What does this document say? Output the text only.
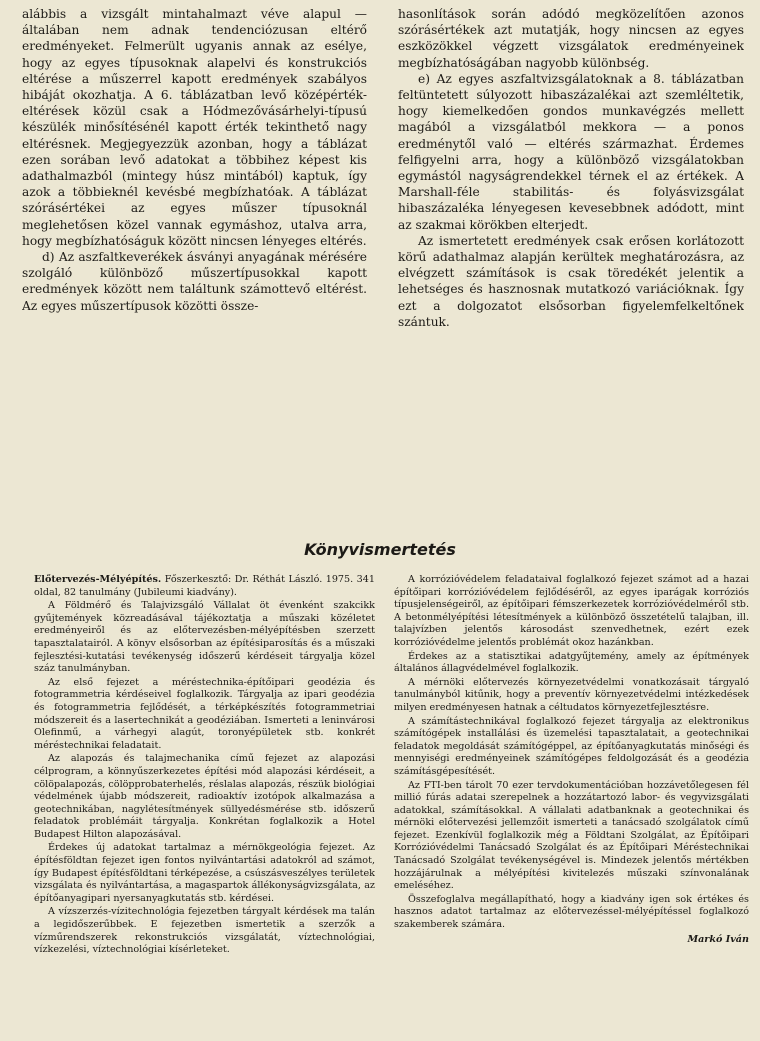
alábbis a vizsgált mintahalmazt véve alapul — általában nem adnak tendenciózusan eltérő eredményeket. Felmerült ugyanis annak az esélye, hogy az egyes típusoknak alapelvi és konstrukciós eltérése a műszerrel kapott eredmények szabályos hibáját okozhatja. A 6. táblázatban levő középérték-eltérések közül csak a Hódmezővásárhelyi-típusú készülék minősítésénél kapott érték tekinthető nagy eltérésnek. Megjegyezzük azonban, hogy a táblázat ezen sorában levő adatokat a többihez képest kis adathalmazból (mintegy húsz mintából) kaptuk, így azok a többieknél kevésbé megbízhatóak. A táblázat szórásértékei az egyes műszer típusoknál meglehetősen közel vannak egymáshoz, utalva arra, hogy megbízhatóságuk között nincsen lényeges eltérés.

d) Az aszfaltkeverékek ásványi anyagának mérésére szolgáló különböző műszertípusokkal kapott eredmények között nem találtunk számottevő eltérést. Az egyes műszertípusok közötti össze-

hasonlítások során adódó megközelítően azonos szórásértékek azt mutatják, hogy nincsen az egyes eszközökkel végzett vizsgálatok eredményeinek megbízhatóságában nagyobb különbség.

e) Az egyes aszfaltvizsgálatoknak a 8. táblázatban feltüntetett súlyozott hibaszázalékai azt szemléltetik, hogy kiemelkedően gondos munkavégzés mellett magából a vizsgálatból mekkora — a ponos eredménytől való — eltérés származhat. Érdemes felfigyelni arra, hogy a különböző vizsgálatokban egymástól nagyságrendekkel térnek el az értékek. A Marshall-féle stabilitás- és folyásvizsgálat hibaszázaléka lényegesen kevesebbnek adódott, mint az szakmai körökben elterjedt.

Az ismertetett eredmények csak erősen korlátozott körű adathalmaz alapján kerültek meghatározásra, az elvégzett számítások is csak töredékét jelentik a lehetséges és hasznosnak mutatkozó variációknak. Így ezt a dolgozatot elsősorban figyelemfelkeltőnek szántuk.

Könyvismertetés

Előtervezés-Mélyépítés. Főszerkesztő: Dr. Réthát László. 1975. 341 oldal, 82 tanulmány (Jubileumi kiadvány).

A Földmérő és Talajvizsgáló Vállalat öt évenként szakcikk gyűjtemények közreadásával tájékoztatja a műszaki közéletet eredményeiről és az előtervezésben-mélyépítésben szerzett tapasztalatairól. A könyv elsősorban az építésiparosítás és a műszaki fejlesztési-kutatási tevékenység időszerű kérdéseit tárgyalja közel száz tanulmányban.

Az első fejezet a méréstechnika-építőipari geodézia és fotogrammetria kérdéseivel foglalkozik. Tárgyalja az ipari geodézia és fotogrammetria fejlődését, a térképkészítés fotogrammetriai módszereit és a lasertechnikát a geodéziában. Ismerteti a leninvárosi Olefinmű, a várhegyi alagút, toronyépületek stb. konkrét méréstechnikai feladatait.

Az alapozás és talajmechanika című fejezet az alapozási célprogram, a könnyűszerkezetes építési mód alapozási kérdéseit, a cölöpalapozás, cölöpprobaterhelés, réslalas alapozás, részük biológiai védelmének újabb módszereit, radioaktív izotópok alkalmazása a geotechnikában, nagylétesítmények süllyedésmérése stb. időszerű feladatok problémáit tárgyalja. Konkrétan foglalkozik a Hotel Budapest Hilton alapozásával.

Érdekes új adatokat tartalmaz a mérnökgeológia fejezet. Az építésföldtan fejezet igen fontos nyilvántartási adatokról ad számot, így Budapest építésföldtani térképezése, a csúszásveszélyes területek vizsgálata és nyilvántartása, a magaspartok állékonyságvizsgálata, az építőanyagipari nyersanyagkutatás stb. kérdései.

A vízszerzés-vízitechnológia fejezetben tárgyalt kérdések ma talán a legidőszerűbbek. E fejezetben ismertetik a szerzők a vízműrendszerek rekonstrukciós vizsgálatát, víztechnológiai, vízkezelési, víztechnológiai kísérleteket.

A korrózióvédelem feladataival foglalkozó fejezet számot ad a hazai építőipari korrózióvédelem fejlődéséről, az egyes iparágak korróziós típusjelenségeiről, az építőipari fémszerkezetek korrózióvédelméről stb. A betonmélyépítési létesítmények a különböző összetételű talajban, ill. talajvízben jelentős károsodást szenvedhetnek, ezért ezek korrózióvédelme jelentős problémát okoz hazánkban.

Érdekes az a statisztikai adatgyűjtemény, amely az építmények általános állagvédelmével foglalkozik.

A mérnöki előtervezés környezetvédelmi vonatkozásait tárgyaló tanulmányból kitűnik, hogy a preventív környezetvédelmi intézkedések milyen eredményesen hatnak a céltudatos környezetfejlesztésre.

A számítástechnikával foglalkozó fejezet tárgyalja az elektronikus számítógépek installálási és üzemelési tapasztalatait, a geotechnikai feladatok megoldását számítógéppel, az építőanyagkutatás minőségi és mennyiségi eredményeinek számítógépes feldolgozását és a geodézia számításgépesítését.

Az FTI-ben tárolt 70 ezer tervdokumentációban hozzávetőlegesen fél millió fúrás adatai szerepelnek a hozzátartozó labor- és vegyvizsgálati adatokkal, számításokkal. A vállalati adatbanknak a geotechnikai és mérnöki előtervezési jellemzőit ismerteti a tanácsadó szolgálatok című fejezet. Ezenkívül foglalkozik még a Földtani Szolgálat, az Építőipari Korrózióvédelmi Tanácsadó Szolgálat és az Építőipari Méréstechnikai Tanácsadó Szolgálat tevékenységével is. Mindezek jelentős mértékben hozzájárulnak a mélyépítési kivitelezés műszaki színvonalának emeléséhez.

Összefoglalva megállapítható, hogy a kiadvány igen sok értékes és hasznos adatot tartalmaz az előtervezéssel-mélyépítéssel foglalkozó szakemberek számára.

Markó Iván
